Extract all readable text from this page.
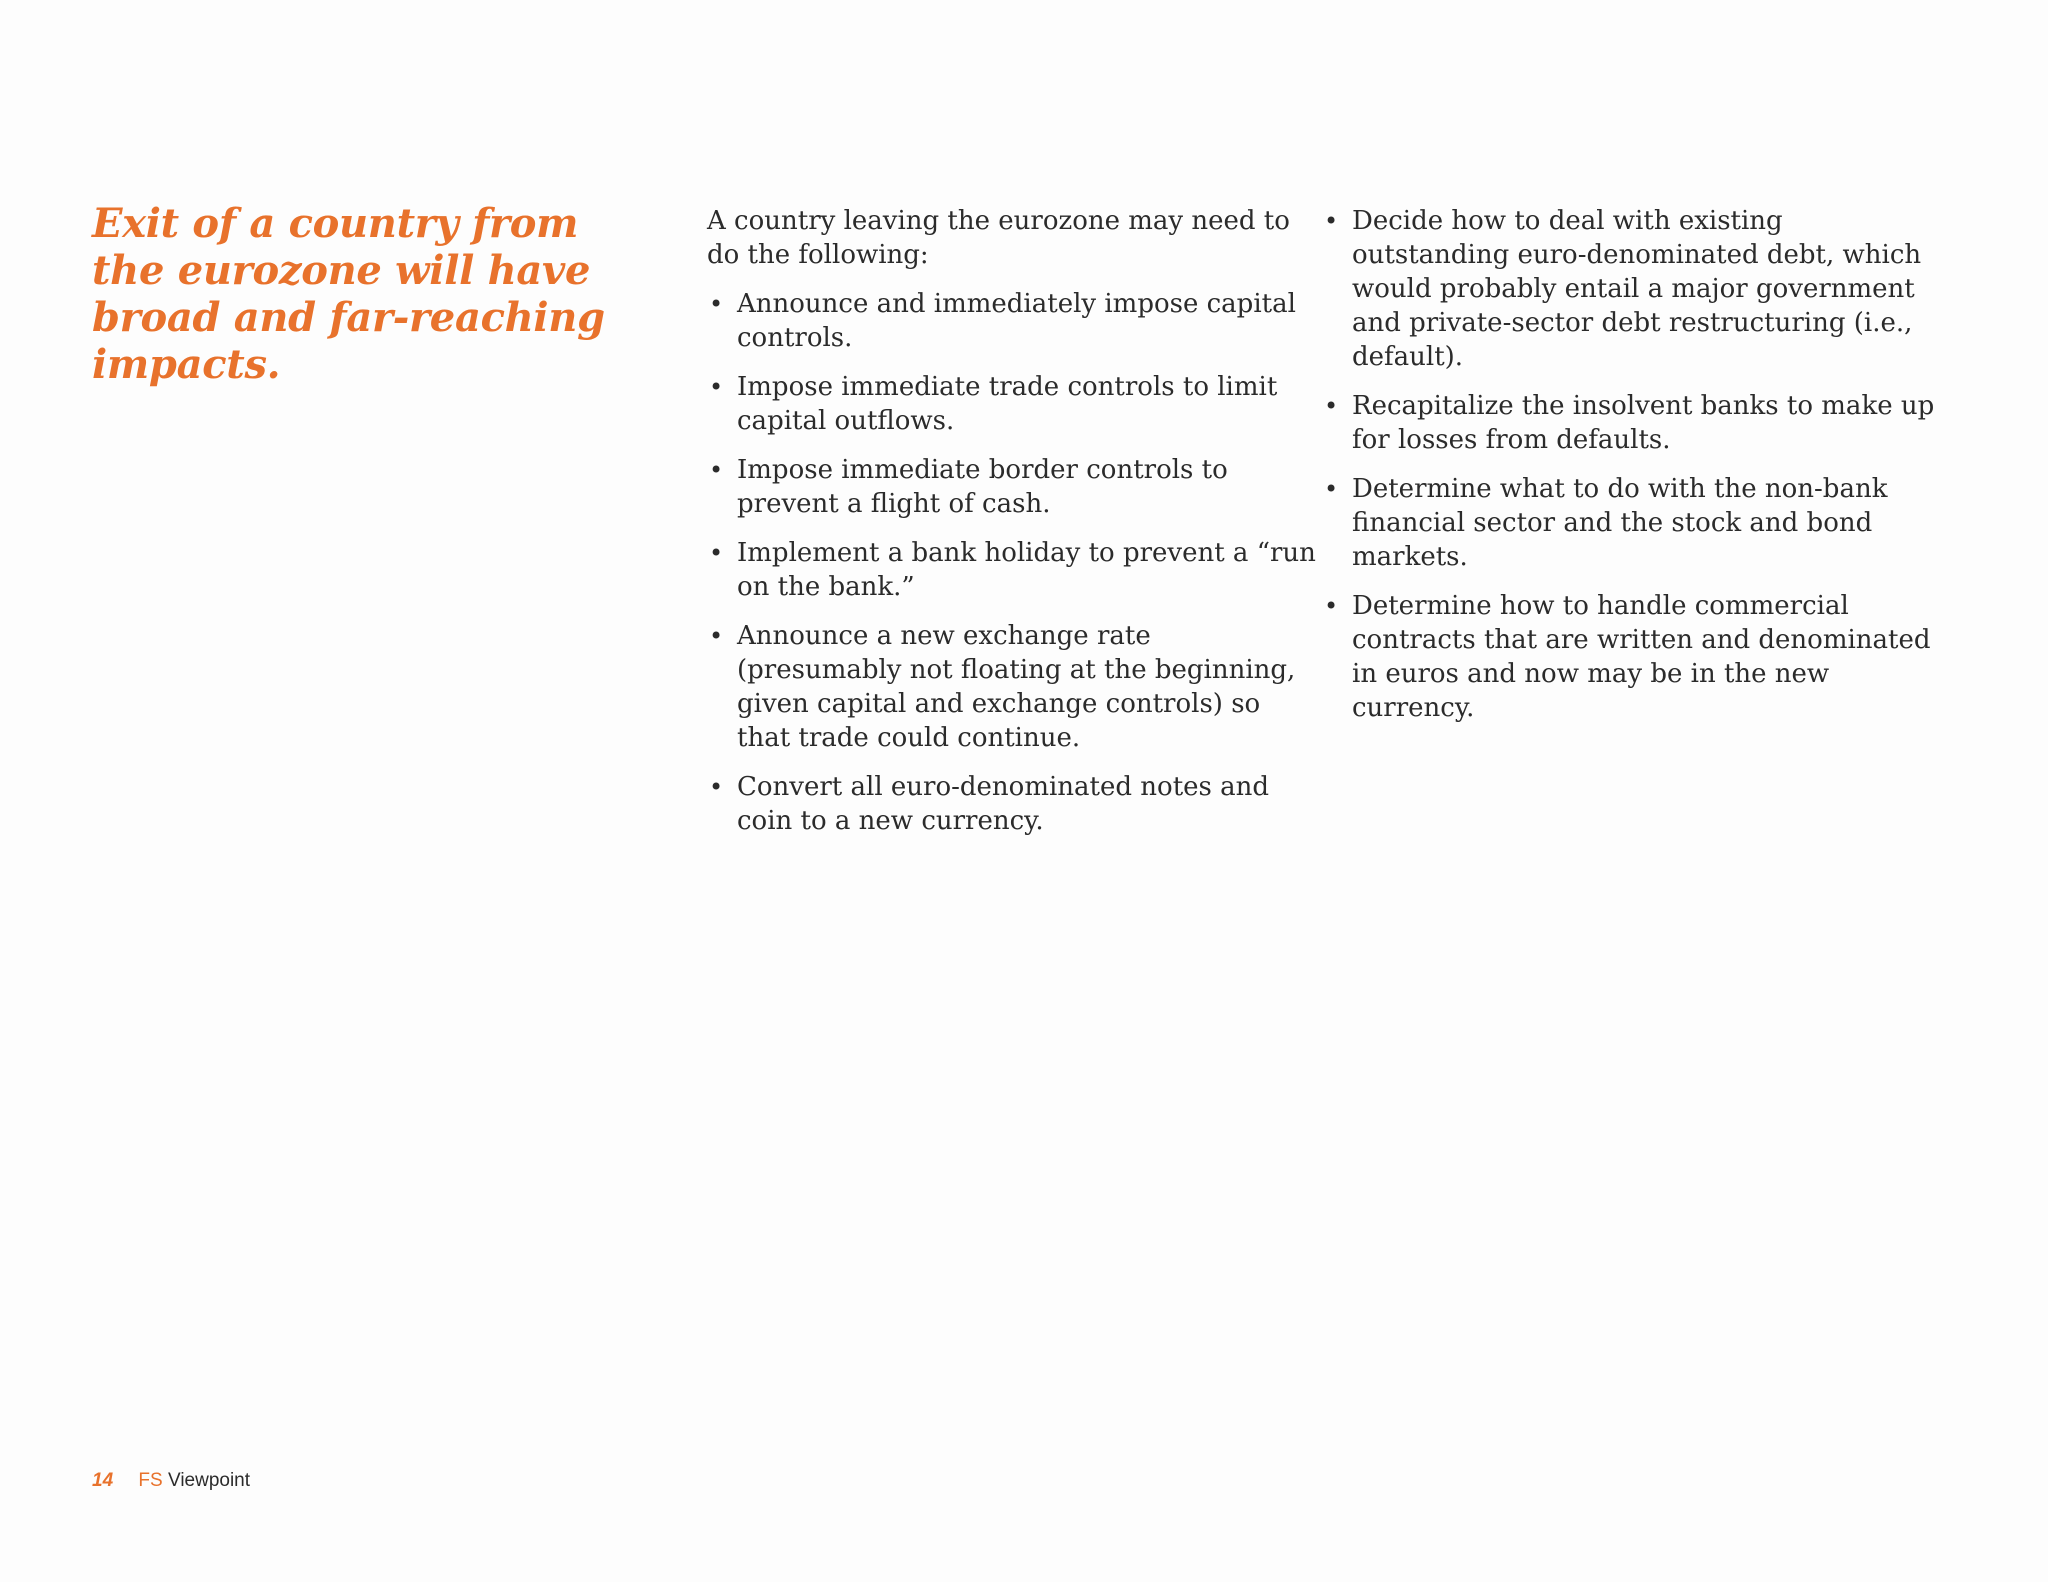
Exit of a country from the eurozone will have broad and far-reaching impacts.

A country leaving the eurozone may need to do the following:

• Announce and immediately impose capital controls.
• Impose immediate trade controls to limit capital outflows.
• Impose immediate border controls to prevent a flight of cash.
• Implement a bank holiday to prevent a “run on the bank.”
• Announce a new exchange rate (presumably not floating at the beginning, given capital and exchange controls) so that trade could continue.
• Convert all euro-denominated notes and coin to a new currency.
• Decide how to deal with existing outstanding euro-denominated debt, which would probably entail a major government and private-sector debt restructuring (i.e., default).
• Recapitalize the insolvent banks to make up for losses from defaults.
• Determine what to do with the non-bank financial sector and the stock and bond markets.
• Determine how to handle commercial contracts that are written and denominated in euros and now may be in the new currency.
14 FS Viewpoint
